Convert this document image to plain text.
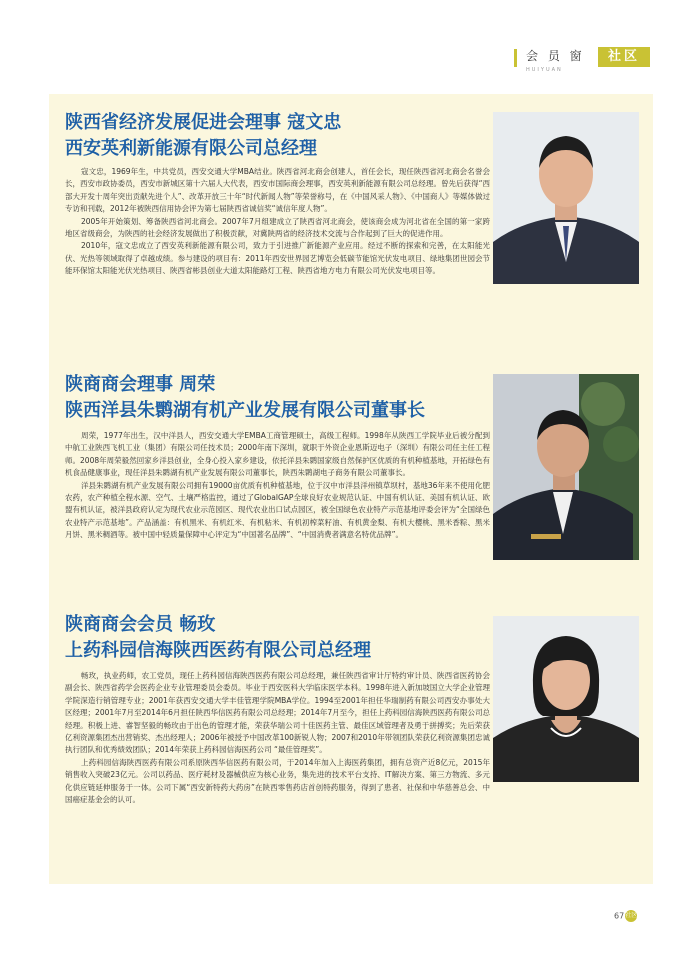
会 员 窗	社区
HUIYUAN
陕西省经济发展促进会理事 寇文忠
西安英利新能源有限公司总经理

寇文忠，1969年生，中共党员，西安交通大学MBA结业。陕西省河北商会创建人，首任会长，现任陕西省河北商会名誉会长，西安市政协委员，西安市新城区第十六届人大代表，西安市国际商会理事，西安英利新能源有限公司总经理。曾先后获得“西部大开发十周年突出贡献先进个人”、改革开放三十年“时代新闻人物”等荣誉称号，在《中国风采人物》、《中国商人》等媒体做过专访和刊载，2012年被陕西信用协会评为第七届陕西省诚信奖“诚信年度人物”。

2005年开始策划、筹备陕西省河北商会。2007年7月组建成立了陕西省河北商会，使该商会成为河北省在全国的第一家跨地区省级商会，为陕西的社会经济发展做出了积极贡献，对冀陕两省的经济技术交流与合作起到了巨大的促进作用。

2010年，寇文忠成立了西安英利新能源有限公司，致力于引进推广新能源产业应用。经过不断的探索和完善，在太阳能光伏、光热等领域取得了卓越成绩。参与建设的项目有：2011年西安世界园艺博览会低碳节能馆光伏发电项目、绿地集团世园会节能环保馆太阳能光伏光热项目、陕西省彬县创业大道太阳能路灯工程、陕西省地方电力有限公司光伏发电项目等。

陕商商会理事 周荣
陕西洋县朱鹮湖有机产业发展有限公司董事长

周荣，1977年出生，汉中洋县人，西安交通大学EMBA工商管理硕士，高级工程师。1998年从陕西工学院毕业后被分配到中航工业陕西飞机工业（集团）有限公司任技术员；2000年南下深圳，就职于外资企业恩斯迈电子（深圳）有限公司任主任工程师。2008年周荣毅然回家乡洋县创业，全身心投入家乡建设，依托洋县朱鹮国家级自然保护区优质的有机种植基地，开拓绿色有机食品健康事业，现任洋县朱鹮湖有机产业发展有限公司董事长，陕西朱鹮湖电子商务有限公司董事长。

洋县朱鹮湖有机产业发展有限公司拥有19000亩优质有机种植基地，位于汉中市洋县洋州镇草坝村，基地36年来不使用化肥农药，农产种植全程水源、空气、土壤严格监控，通过了GlobalGAP全球良好农业规范认证、中国有机认证、美国有机认证、欧盟有机认证，被洋县政府认定为现代农业示范园区、现代农业出口试点园区，被全国绿色农业特产示范基地评委会评为“全国绿色农业特产示范基地”。产品涵盖：有机黑米、有机红米、有机粘米、有机初榨菜籽油、有机黄金梨、有机大樱桃、黑米香粽、黑米月饼、黑米稠酒等。被中国中轻质量保障中心评定为“中国著名品牌”、“中国消费者满意名特优品牌”。

陕商商会会员 畅玫
上药科园信海陕西医药有限公司总经理

畅玫，执业药师，农工党员，现任上药科园信海陕西医药有限公司总经理，兼任陕西省审计厅特约审计员、陕西省医药协会副会长、陕西省药学会医药企业专业管理委员会委员。毕业于西安医科大学临床医学本科。1998年进入新加坡国立大学企业管理学院深造行销管理专业；2001年获西安交通大学丰佳管理学院MBA学位。1994至2001年担任华瑞制药有限公司西安办事处大区经理；2001年7月至2014年6月担任陕西华信医药有限公司总经理；2014年7月至今，担任上药科园信海陕西医药有限公司总经理。积极上进、睿智坚毅的畅玫由于出色的管理才能，荣获华瑞公司十佳医药主管、最佳区域管理者及勇于拼搏奖；先后荣获亿利资源集团杰出营销奖、杰出经理人；2006年被授予中国改革100新锐人物；2007和2010年带领团队荣获亿利资源集团忠诚执行团队和优秀绩效团队；2014年荣获上药科园信海医药公司 “最佳管理奖”。

上药科园信海陕西医药有限公司系原陕西华信医药有限公司，于2014年加入上海医药集团，拥有总资产近8亿元，2015年销售收入突破23亿元。公司以药品、医疗耗材及器械供应为核心业务，集先进的技术平台支持、IT解决方案、第三方物流、多元化供应链延伸服务于一体。公司下属“西安新特药大药房”在陕西零售药店首创特药服务，得到了患者、社保和中华慈善总会、中国癌症基金会的认可。

67社区
